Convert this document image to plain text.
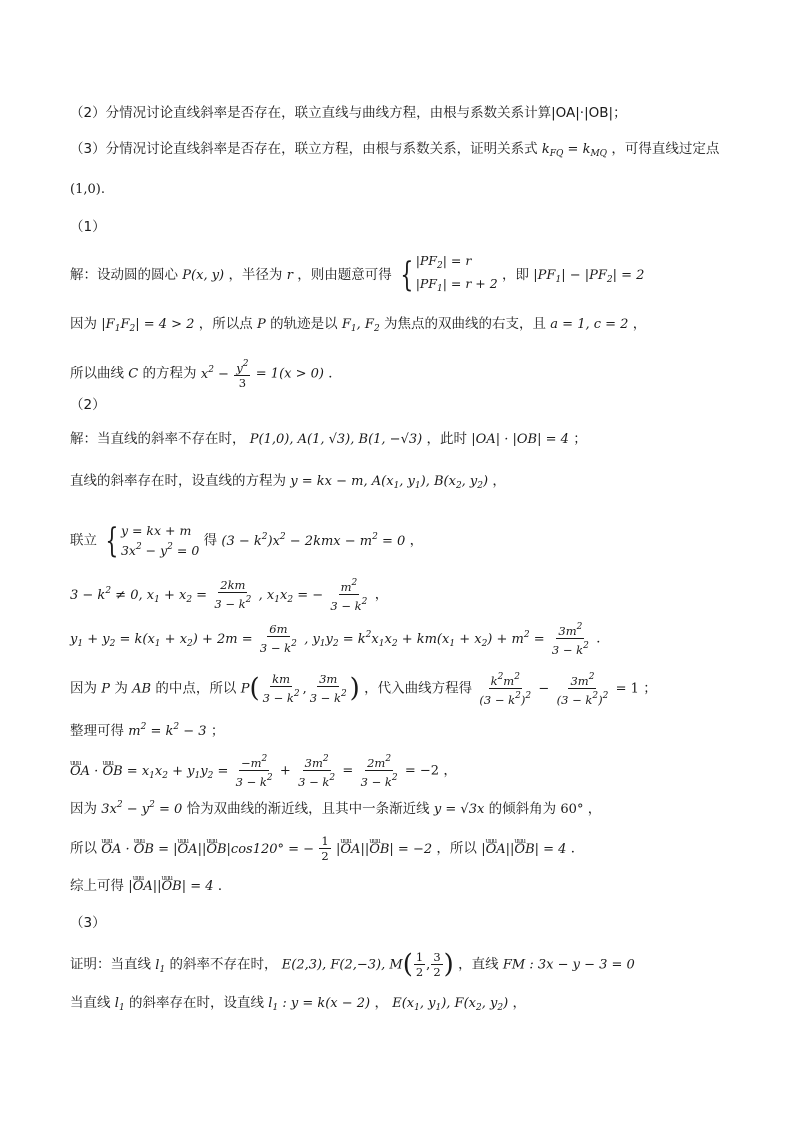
（2）分情况讨论直线斜率是否存在，联立直线与曲线方程，由根与系数关系计算|OA|·|OB|；
（3）分情况讨论直线斜率是否存在，联立方程，由根与系数关系，证明关系式 $k_{FQ} = k_{MQ}$ ，可得直线过定点
(1,0).
（1）
解：设动圆的圆心 P(x, y) ，半径为 r ，则由题意可得 { $|PF_2| = r$
$|PF_1| = r + 2$
，即 $|PF_1| - |PF_2| = 2$
因为 $|F_1F_2| = 4 > 2$ ，所以点 P 的轨迹是以 $F_1$, $F_2$ 为焦点的双曲线的右支，且 a = 1, c = 2 ，
所以曲线 C 的方程为 $x^2 - \frac{y^2}{3} = 1(x > 0)$ ．
（2）
解：当直线的斜率不存在时， P(1,0), A(1, √3), B(1, −√3) ，此时 |OA| · |OB| = 4 ；
直线的斜率存在时，设直线的方程为 y = kx − m, $A(x_1$, $y_1$), $B(x_2$, $y_2$) ，
联立 { y = kx + m
$3x^2 - y^2 = 0$
得 $(3 - k^2)x^2 - 2kmx - m^2 = 0$ ，
$3 - k^2 \ne 0$, $x_1 + x_2 = \frac{2km}{3 - k^2}$ , $x_1x_2$ = − $\frac{m^2}{3 - k^2}$ ，
$y_1 + y_2 = k(x_1 + x_2) + 2m = \frac{6m}{3 - k^2}$ , $y_1y_2 = k^2x_1x_2 + km(x_1 + x_2) + m^2 = \frac{3m^2}{3 - k^2}$ ．
因为 P 为 AB 的中点，所以 $P( \frac{km}{3 - k^2}$ , $\frac{3m}{3 - k^2}$ ) ，代入曲线方程得 $\frac{k^2m^2}{(3 - k^2)^2} - \frac{3m^2}{(3 - k^2)^2} = 1$ ；
整理可得 $m^2 = k^2 - 3$ ；
uuu OA · uuu OB = $x_1x_2 + y_1y_2 = \frac{-m^2}{3 - k^2} + \frac{3m^2}{3 - k^2} = \frac{2m^2}{3 - k^2} = -2$ ，
因为 $3x^2 - y^2 = 0$ 恰为双曲线的渐近线，且其中一条渐近线 y = √3x 的倾斜角为 60° ，
所以 uuu OA · uuu OB = |uuu OA||uuu OB|cos120° = − $\frac{1}{2} |uuu$ OA||uuu OB| = −2 ，所以 |uuu OA||uuu OB| = 4 ．
综上可得 |uuu OA||uuu OB| = 4 ．
（3）
证明：当直线 $l_1$ 的斜率不存在时， E(2,3), F(2,−3), $M( \frac{1}{2}$ , $\frac{3}{2}$ ) ，直线 FM : 3x − y − 3 = 0
当直线 $l_1$ 的斜率存在时，设直线 $l_1$ : y = k(x − 2) ， $E(x_1$, $y_1$), $F(x_2$, $y_2$) ，
